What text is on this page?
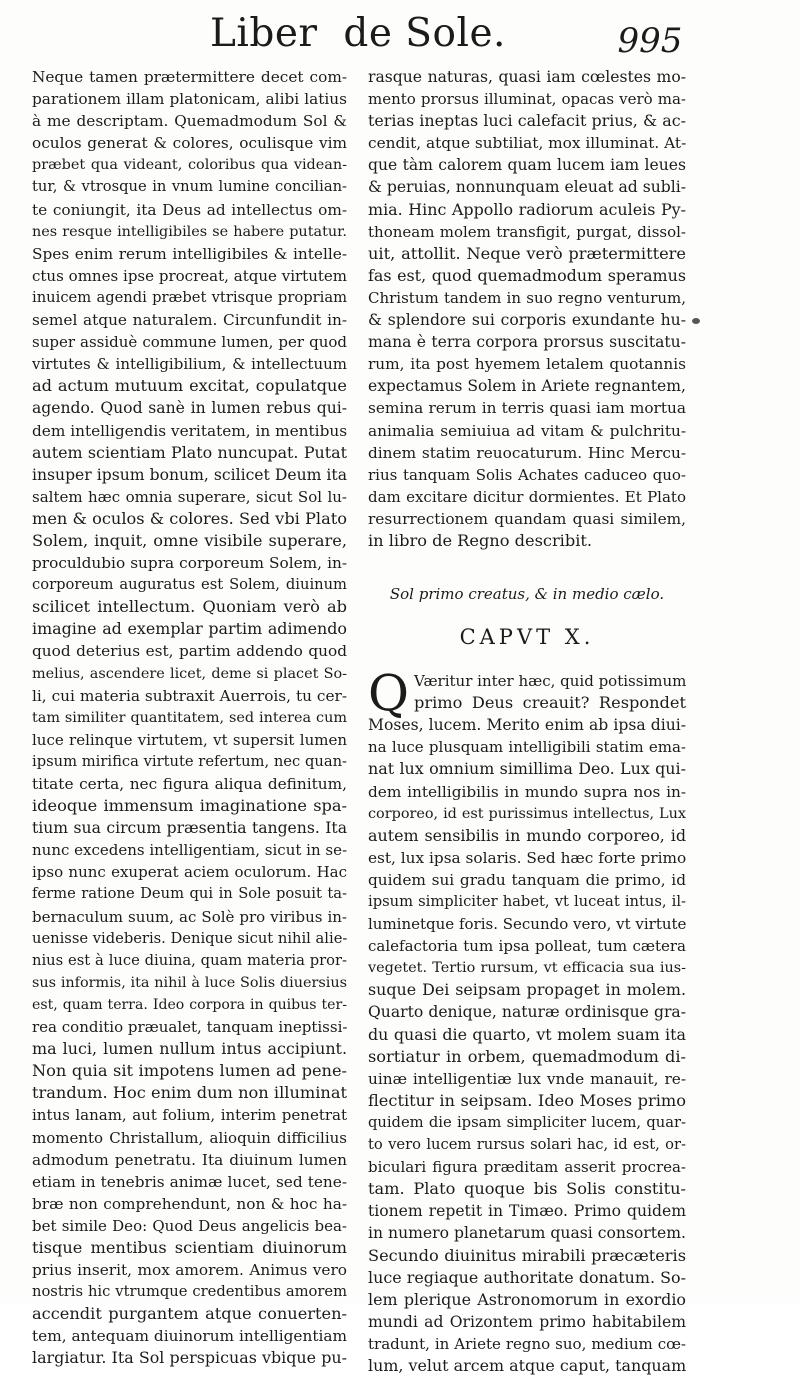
Liber  de Sole.	995
Neque tamen prætermittere decet com-
parationem illam platonicam, alibi latius
à me descriptam. Quemadmodum Sol &
oculos generat & colores, oculisque vim
præbet qua videant, coloribus qua videan-
tur, & vtrosque in vnum lumine concilian-
te coniungit, ita Deus ad intellectus om-
nes resque intelligibiles se habere putatur.
Spes enim rerum intelligibiles & intelle-
ctus omnes ipse procreat, atque virtutem
inuicem agendi præbet vtrisque propriam
semel atque naturalem. Circunfundit in-
super assiduè commune lumen, per quod
virtutes & intelligibilium, & intellectuum
ad actum mutuum excitat, copulatque
agendo. Quod sanè in lumen rebus qui-
dem intelligendis veritatem, in mentibus
autem scientiam Plato nuncupat. Putat
insuper ipsum bonum, scilicet Deum ita
saltem hæc omnia superare, sicut Sol lu-
men & oculos & colores. Sed vbi Plato
Solem, inquit, omne visibile superare,
proculdubio supra corporeum Solem, in-
corporeum auguratus est Solem, diuinum
scilicet intellectum. Quoniam verò ab
imagine ad exemplar partim adimendo
quod deterius est, partim addendo quod
melius, ascendere licet, deme si placet So-
li, cui materia subtraxit Auerrois, tu cer-
tam similiter quantitatem, sed interea cum
luce relinque virtutem, vt supersit lumen
ipsum mirifica virtute refertum, nec quan-
titate certa, nec figura aliqua definitum,
ideoque immensum imaginatione spa-
tium sua circum præsentia tangens. Ita
nunc excedens intelligentiam, sicut in se-
ipso nunc exuperat aciem oculorum. Hac
ferme ratione Deum qui in Sole posuit ta-
bernaculum suum, ac Solè pro viribus in-
uenisse videberis. Denique sicut nihil alie-
nius est à luce diuina, quam materia pror-
sus informis, ita nihil à luce Solis diuersius
est, quam terra. Ideo corpora in quibus ter-
rea conditio præualet, tanquam ineptissi-
ma luci, lumen nullum intus accipiunt.
Non quia sit impotens lumen ad pene-
trandum. Hoc enim dum non illuminat
intus lanam, aut folium, interim penetrat
momento Christallum, alioquin difficilius
admodum penetratu. Ita diuinum lumen
etiam in tenebris animæ lucet, sed tene-
bræ non comprehendunt, non & hoc ha-
bet simile Deo: Quod Deus angelicis bea-
tisque mentibus scientiam diuinorum
prius inserit, mox amorem. Animus vero
nostris hic vtrumque credentibus amorem
accendit purgantem atque conuerten-
tem, antequam diuinorum intelligentiam
largiatur. Ita Sol perspicuas vbique pu-
rasque naturas, quasi iam cœlestes mo-
mento prorsus illuminat, opacas verò ma-
terias ineptas luci calefacit prius, & ac-
cendit, atque subtiliat, mox illuminat. At-
que tàm calorem quam lucem iam leues
& peruias, nonnunquam eleuat ad subli-
mia. Hinc Appollo radiorum aculeis Py-
thoneam molem transfigit, purgat, dissol-
uit, attollit. Neque verò prætermittere
fas est, quod quemadmodum speramus
Christum tandem in suo regno venturum,
& splendore sui corporis exundante hu-
mana è terra corpora prorsus suscitatu-
rum, ita post hyemem letalem quotannis
expectamus Solem in Ariete regnantem,
semina rerum in terris quasi iam mortua
animalia semiuiua ad vitam & pulchritu-
dinem statim reuocaturum. Hinc Mercu-
rius tanquam Solis Achates caduceo quo-
dam excitare dicitur dormientes. Et Plato
resurrectionem quandam quasi similem,
in libro de Regno describit.
Sol primo creatus, & in medio cælo.
CAPVT X.
Q Væritur inter hæc, quid potissimum
primo Deus creauit? Respondet
Moses, lucem. Merito enim ab ipsa diui-
na luce plusquam intelligibili statim ema-
nat lux omnium simillima Deo. Lux qui-
dem intelligibilis in mundo supra nos in-
corporeo, id est purissimus intellectus, Lux
autem sensibilis in mundo corporeo, id
est, lux ipsa solaris. Sed hæc forte primo
quidem sui gradu tanquam die primo, id
ipsum simpliciter habet, vt luceat intus, il-
luminetque foris. Secundo vero, vt virtute
calefactoria tum ipsa polleat, tum cætera
vegetet. Tertio rursum, vt efficacia sua ius-
suque Dei seipsam propaget in molem.
Quarto denique, naturæ ordinisque gra-
du quasi die quarto, vt molem suam ita
sortiatur in orbem, quemadmodum di-
uinæ intelligentiæ lux vnde manauit, re-
flectitur in seipsam. Ideo Moses primo
quidem die ipsam simpliciter lucem, quar-
to vero lucem rursus solari hac, id est, or-
biculari figura præditam asserit procrea-
tam. Plato quoque bis Solis constitu-
tionem repetit in Timæo. Primo quidem
in numero planetarum quasi consortem.
Secundo diuinitus mirabili præcæteris
luce regiaque authoritate donatum. So-
lem plerique Astronomorum in exordio
mundi ad Orizontem primo habitabilem
tradunt, in Ariete regno suo, medium cœ-
lum, velut arcem atque caput, tanquam
